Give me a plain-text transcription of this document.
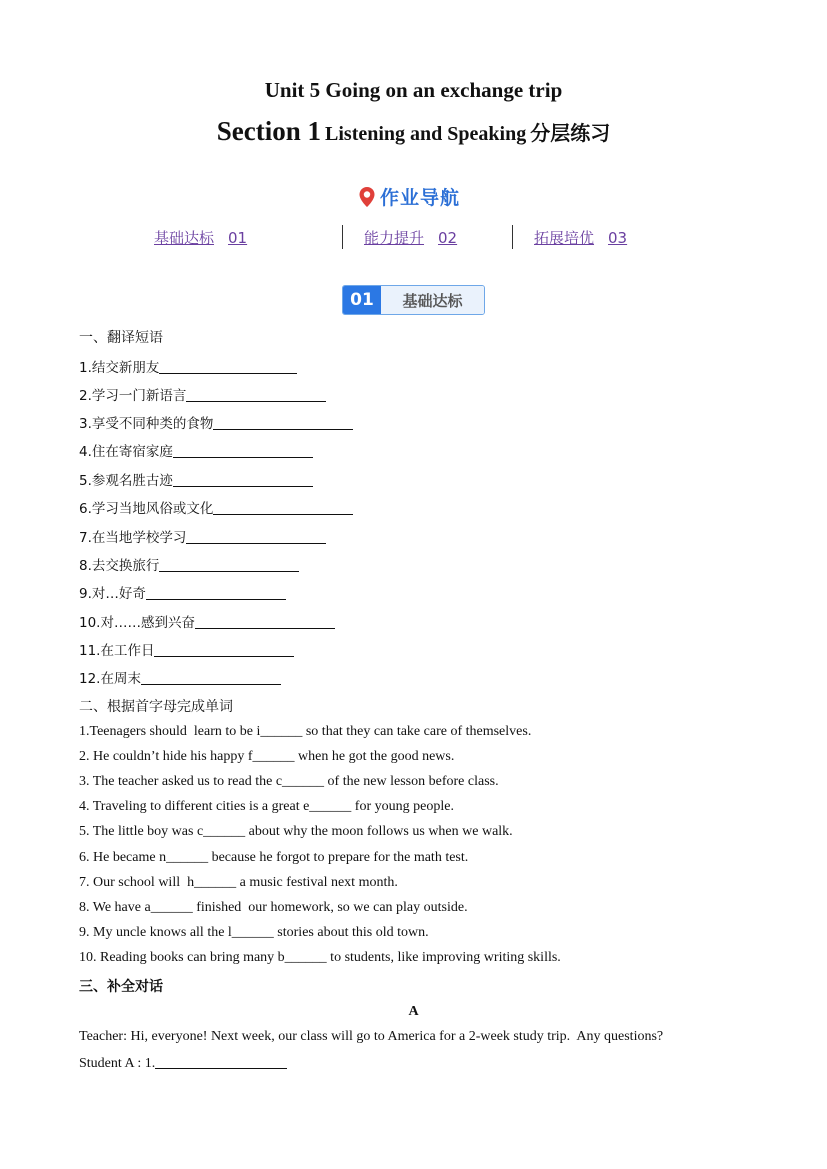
Unit 5 Going on an exchange trip
Section 1 Listening and Speaking 分层练习
作业导航
基础达标 01	能力提升 02	拓展培优 03
01	基础达标
一、翻译短语
1.结交新朋友
2.学习一门新语言
3.享受不同种类的食物
4.住在寄宿家庭
5.参观名胜古迹
6.学习当地风俗或文化
7.在当地学校学习
8.去交换旅行
9.对…好奇
10.对……感到兴奋
11.在工作日
12.在周末
二、根据首字母完成单词
1.Teenagers should  learn to be i______ so that they can take care of themselves.
2. He couldn’t hide his happy f______ when he got the good news.
3. The teacher asked us to read the c______ of the new lesson before class.
4. Traveling to different cities is a great e______ for young people.
5. The little boy was c______ about why the moon follows us when we walk.
6. He became n______ because he forgot to prepare for the math test.
7. Our school will  h______ a music festival next month.
8. We have a______ finished  our homework, so we can play outside.
9. My uncle knows all the l______ stories about this old town.
10. Reading books can bring many b______ to students, like improving writing skills.
三、补全对话
A
Teacher: Hi, everyone! Next week, our class will go to America for a 2-week study trip.  Any questions?
Student A : 1.
